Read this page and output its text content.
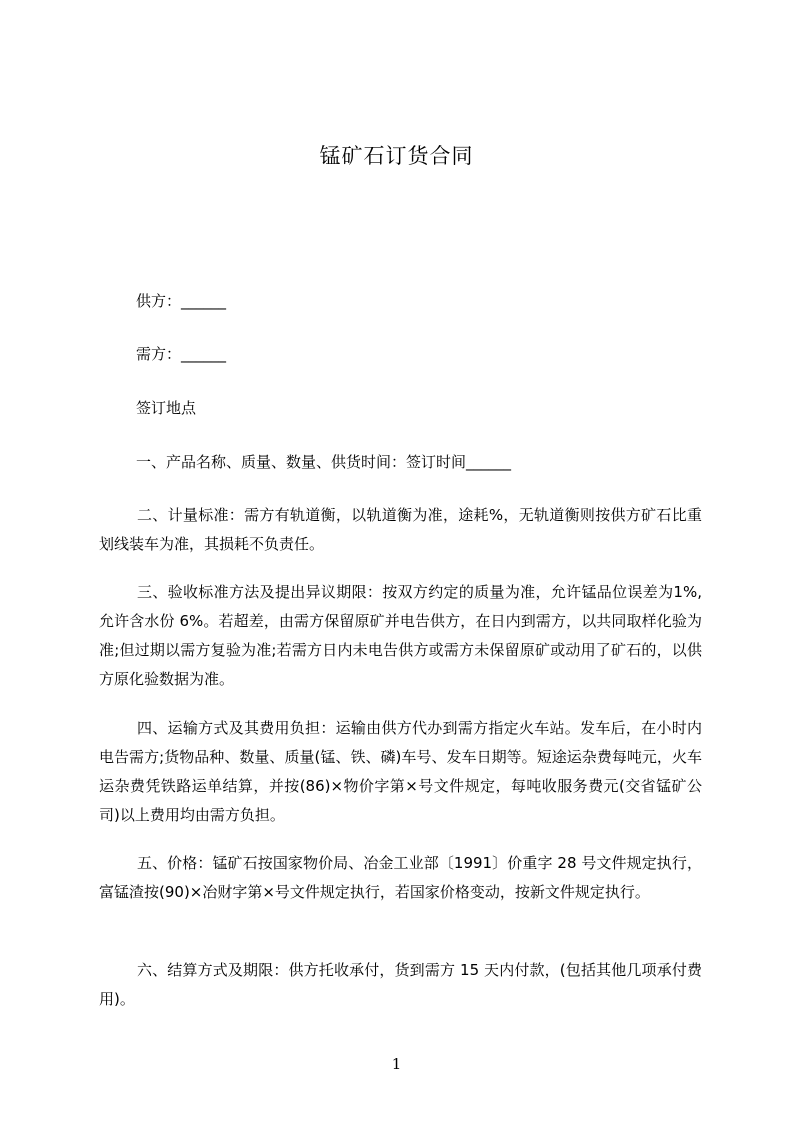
锰矿石订货合同
供方：______
需方：______
签订地点
一、产品名称、质量、数量、供货时间：签订时间______
二、计量标准：需方有轨道衡，以轨道衡为准，途耗%，无轨道衡则按供方矿石比重划线装车为准，其损耗不负责任。
三、验收标准方法及提出异议期限：按双方约定的质量为准，允许锰品位误差为1%,允许含水份 6%。若超差，由需方保留原矿并电告供方，在日内到需方，以共同取样化验为准;但过期以需方复验为准;若需方日内未电告供方或需方未保留原矿或动用了矿石的，以供方原化验数据为准。
四、运输方式及其费用负担：运输由供方代办到需方指定火车站。发车后，在小时内电告需方;货物品种、数量、质量(锰、铁、磷)车号、发车日期等。短途运杂费每吨元，火车运杂费凭铁路运单结算，并按(86)×物价字第×号文件规定，每吨收服务费元(交省锰矿公司)以上费用均由需方负担。
五、价格：锰矿石按国家物价局、冶金工业部〔1991〕价重字 28 号文件规定执行，富锰渣按(90)×冶财字第×号文件规定执行，若国家价格变动，按新文件规定执行。
六、结算方式及期限：供方托收承付，货到需方 15 天内付款，(包括其他几项承付费用)。
1
